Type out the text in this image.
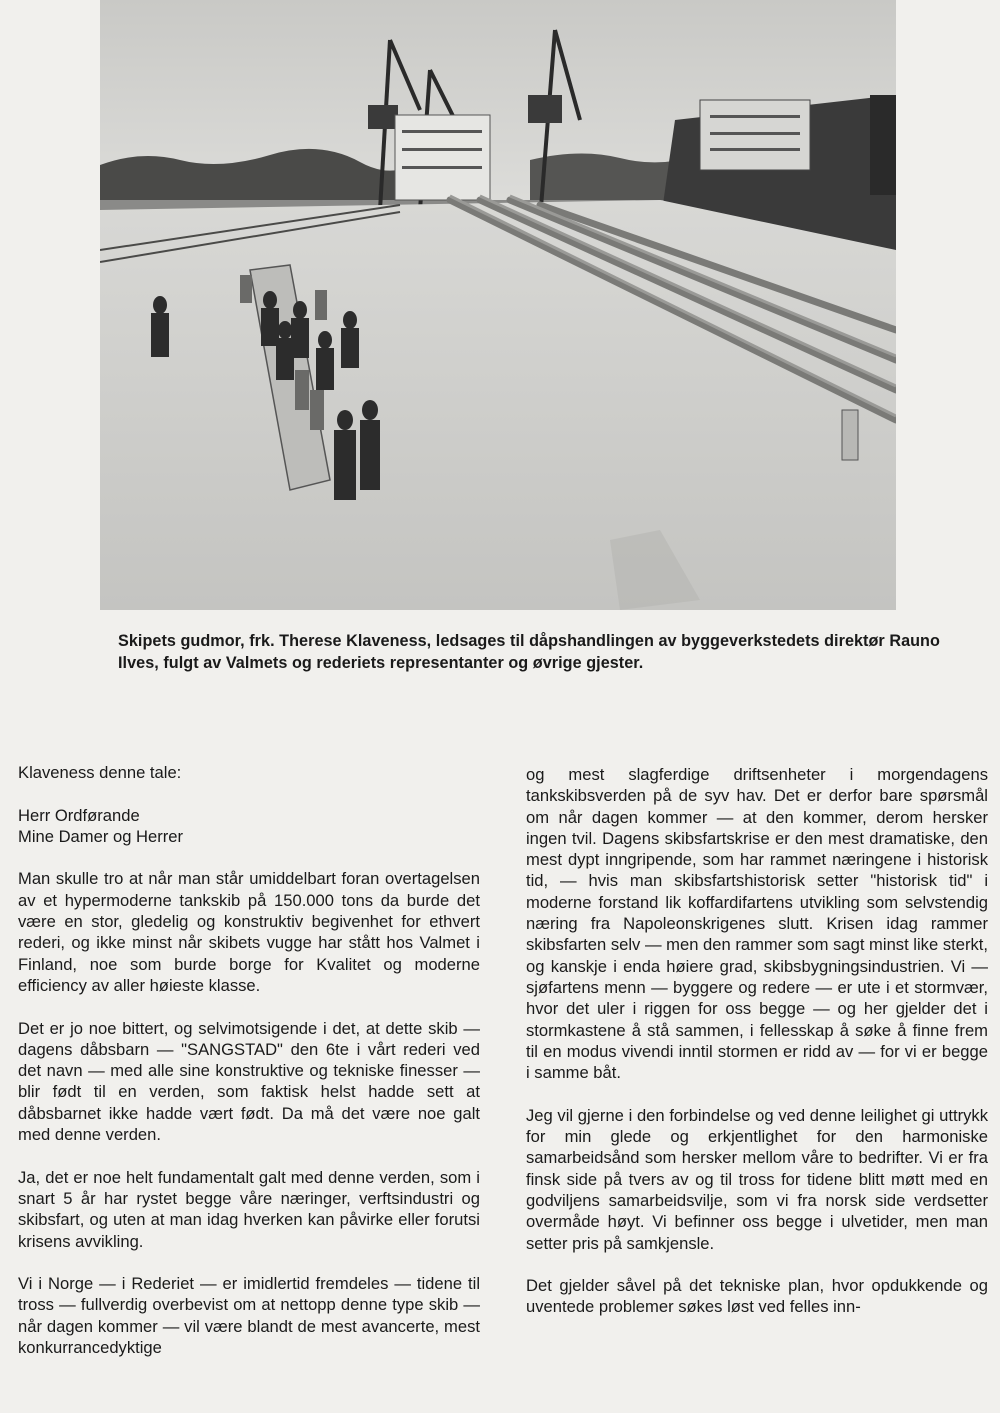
Skipets gudmor, frk. Therese Klaveness, ledsages til dåpshandlingen av byggeverkstedets direktør Rauno Ilves, fulgt av Valmets og rederiets representanter og øvrige gjester.

Klaveness denne tale:

Herr Ordførande
Mine Damer og Herrer

Man skulle tro at når man står umiddelbart foran overtagelsen av et hypermoderne tankskib på 150.000 tons da burde det være en stor, gledelig og konstruktiv begivenhet for ethvert rederi, og ikke minst når skibets vugge har stått hos Valmet i Finland, noe som burde borge for Kvalitet og moderne efficiency av aller høieste klasse.

Det er jo noe bittert, og selvimotsigende i det, at dette skib — dagens dåbsbarn — "SANGSTAD" den 6te i vårt rederi ved det navn — med alle sine konstruktive og tekniske finesser — blir født til en verden, som faktisk helst hadde sett at dåbsbarnet ikke hadde vært født. Da må det være noe galt med denne verden.

Ja, det er noe helt fundamentalt galt med denne verden, som i snart 5 år har rystet begge våre næringer, verftsindustri og skibsfart, og uten at man idag hverken kan påvirke eller forutsi krisens avvikling.

Vi i Norge — i Rederiet — er imidlertid fremdeles — tidene til tross — fullverdig overbevist om at nettopp denne type skib — når dagen kommer — vil være blandt de mest avancerte, mest konkurrancedyktige

og mest slagferdige driftsenheter i morgendagens tankskibsverden på de syv hav. Det er derfor bare spørsmål om når dagen kommer — at den kommer, derom hersker ingen tvil. Dagens skibsfartskrise er den mest dramatiske, den mest dypt inngripende, som har rammet næringene i historisk tid, — hvis man skibsfartshistorisk setter "historisk tid" i moderne forstand lik koffardifartens utvikling som selvstendig næring fra Napoleonskrigenes slutt. Krisen idag rammer skibsfarten selv — men den rammer som sagt minst like sterkt, og kanskje i enda høiere grad, skibsbygningsindustrien. Vi — sjøfartens menn — byggere og redere — er ute i et stormvær, hvor det uler i riggen for oss begge — og her gjelder det i stormkastene å stå sammen, i fellesskap å søke å finne frem til en modus vivendi inntil stormen er ridd av — for vi er begge i samme båt.

Jeg vil gjerne i den forbindelse og ved denne leilighet gi uttrykk for min glede og erkjentlighet for den harmoniske samarbeidsånd som hersker mellom våre to bedrifter. Vi er fra finsk side på tvers av og til tross for tidene blitt møtt med en godviljens samarbeidsvilje, som vi fra norsk side verdsetter overmåde høyt. Vi befinner oss begge i ulvetider, men man setter pris på samkjensle.

Det gjelder såvel på det tekniske plan, hvor opdukkende og uventede problemer søkes løst ved felles inn-
